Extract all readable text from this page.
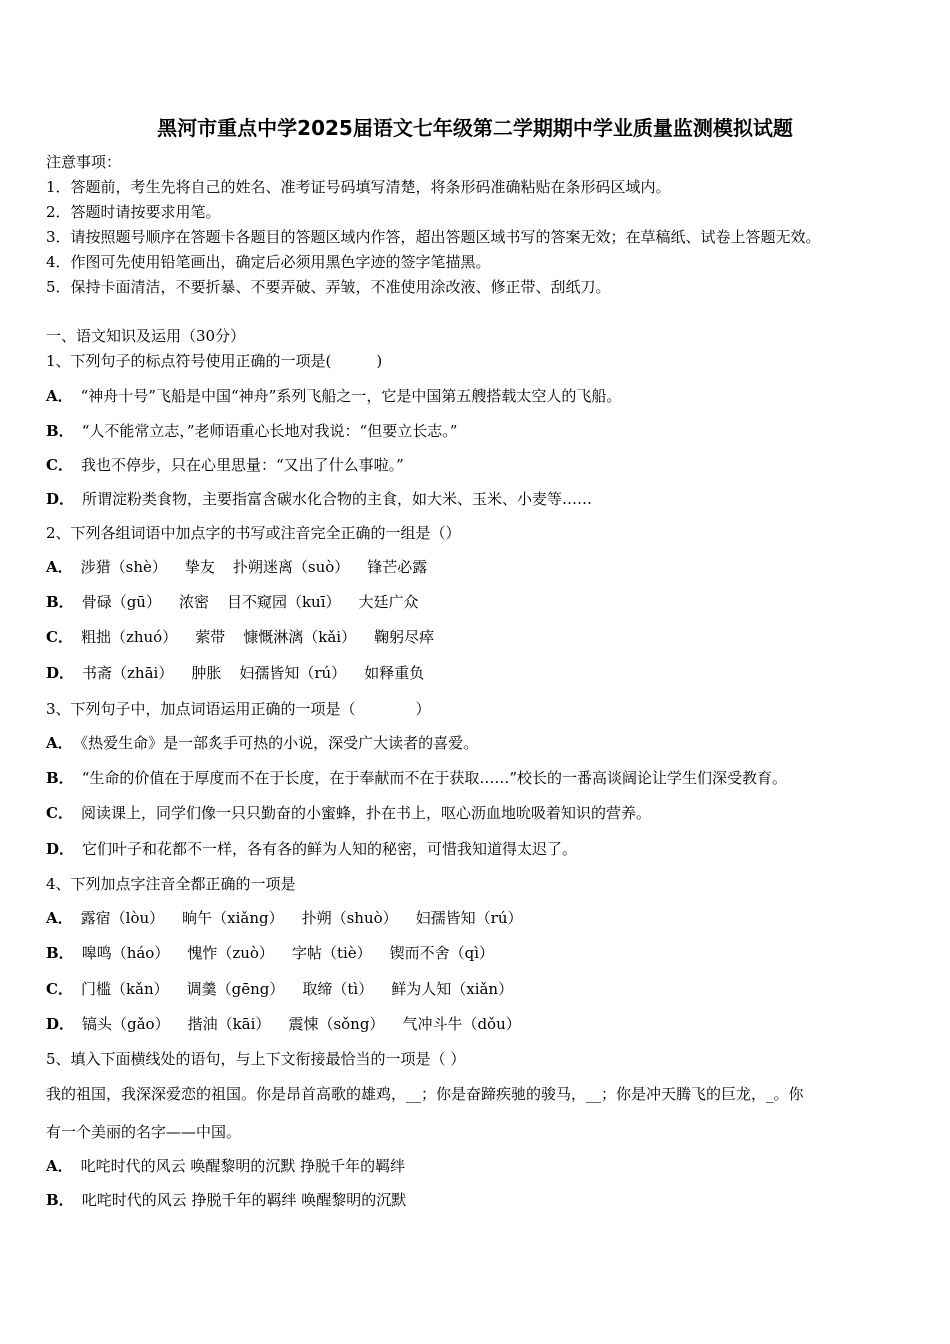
黑河市重点中学2025届语文七年级第二学期期中学业质量监测模拟试题
注意事项：
1．答题前，考生先将自己的姓名、准考证号码填写清楚，将条形码准确粘贴在条形码区域内。
2．答题时请按要求用笔。
3．请按照题号顺序在答题卡各题目的答题区域内作答，超出答题区域书写的答案无效；在草稿纸、试卷上答题无效。
4．作图可先使用铅笔画出，确定后必须用黑色字迹的签字笔描黑。
5．保持卡面清洁，不要折暴、不要弄破、弄皱，不准使用涂改液、修正带、刮纸刀。
一、语文知识及运用（30分）
1、下列句子的标点符号使用正确的一项是(　　　)
A． “神舟十号”飞船是中国“神舟”系列飞船之一，它是中国第五艘搭载太空人的飞船。
B． “人不能常立志，”老师语重心长地对我说：“但要立长志。”
C． 我也不停步，只在心里思量：“又出了什么事啦。”
D． 所谓淀粉类食物，主要指富含碳水化合物的主食，如大米、玉米、小麦等……
2、下列各组词语中加点字的书写或注音完全正确的一组是（）
A． 涉猎（shè） 挚友 扑朔迷离（suò） 锋芒必露
B． 骨碌（gū） 浓密 目不窥园（kuī） 大廷广众
C． 粗拙（zhuó） 萦带 慷慨淋漓（kǎi） 鞠躬尽瘁
D． 书斋（zhāi） 肿胀 妇孺皆知（rú） 如释重负
3、下列句子中，加点词语运用正确的一项是（　　　　）
A． 《热爱生命》是一部炙手可热的小说，深受广大读者的喜爱。
B． “生命的价值在于厚度而不在于长度，在于奉献而不在于获取……”校长的一番高谈阔论让学生们深受教育。
C． 阅读课上，同学们像一只只勤奋的小蜜蜂，扑在书上，呕心沥血地吮吸着知识的营养。
D． 它们叶子和花都不一样，各有各的鲜为人知的秘密，可惜我知道得太迟了。
4、下列加点字注音全都正确的一项是
A． 露宿（lòu） 晌午（xiǎng） 扑朔（shuò） 妇孺皆知（rú）
B． 嗥鸣（háo） 愧怍（zuò） 字帖（tiè） 锲而不舍（qì）
C． 门槛（kǎn） 调羹（gēng） 取缔（tì） 鲜为人知（xiǎn）
D． 镐头（gǎo） 揩油（kāi） 震悚（sǒng） 气冲斗牛（dǒu）
5、填入下面横线处的语句，与上下文衔接最恰当的一项是（ ）
我的祖国，我深深爱恋的祖国。你是昂首高歌的雄鸡，__；你是奋蹄疾驰的骏马，__；你是冲天腾飞的巨龙，_。你
有一个美丽的名字——中国。
A． 叱咤时代的风云 唤醒黎明的沉默 挣脱千年的羁绊
B． 叱咤时代的风云 挣脱千年的羁绊 唤醒黎明的沉默
